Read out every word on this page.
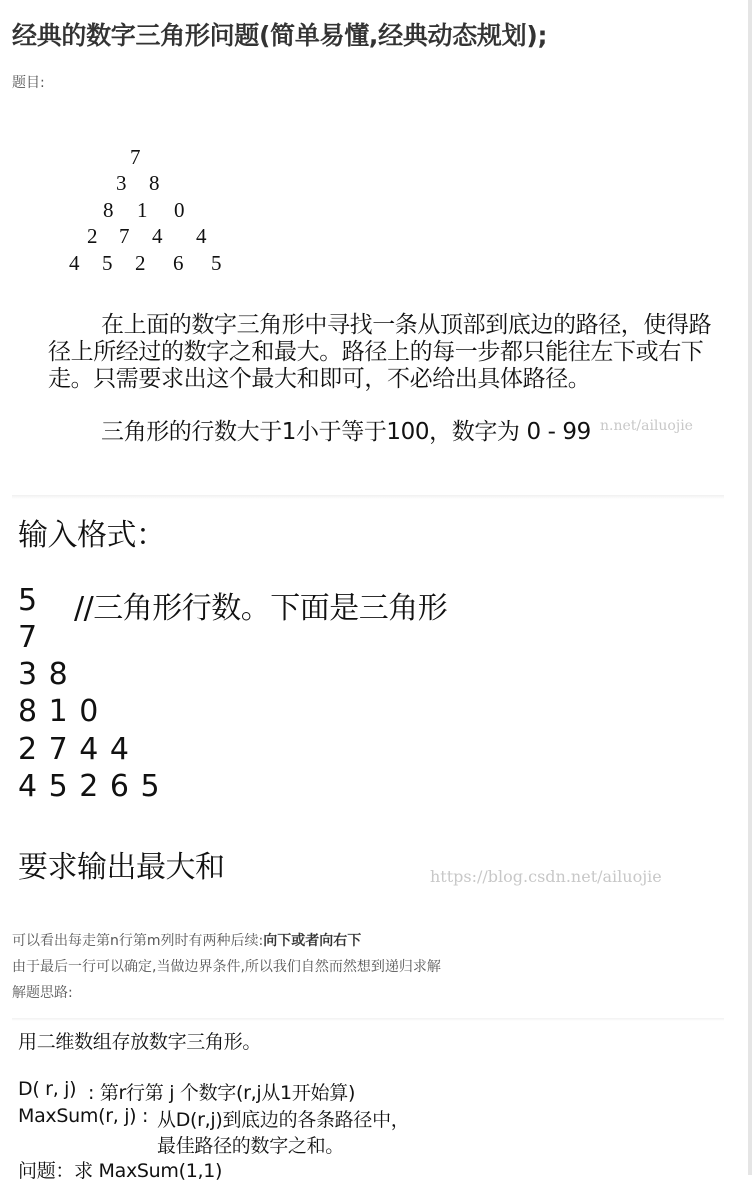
经典的数字三角形问题(简单易懂,经典动态规划);
题目:
7
3 8
8 1 0
2 7 4 4
4 5 2 6 5

在上面的数字三角形中寻找一条从顶部到底边的路径，使得路径上所经过的数字之和最大。路径上的每一步都只能往左下或右下走。只需要求出这个最大和即可，不必给出具体路径。

三角形的行数大于1小于等于100，数字为 0 - 99 n.net/ailuojie
输入格式：
5 //三角形行数。下面是三角形
7
3 8
8 1 0
2 7 4 4
4 5 2 6 5
要求输出最大和	https://blog.csdn.net/ailuojie
可以看出每走第n行第m列时有两种后续:向下或者向右下
由于最后一行可以确定,当做边界条件,所以我们自然而然想到递归求解
解题思路:
用二维数组存放数字三角形。
D( r, j) : 第r行第 j 个数字(r,j从1开始算)
MaxSum(r, j) : 从D(r,j)到底边的各条路径中，
最佳路径的数字之和。
问题：求 MaxSum(1,1)
